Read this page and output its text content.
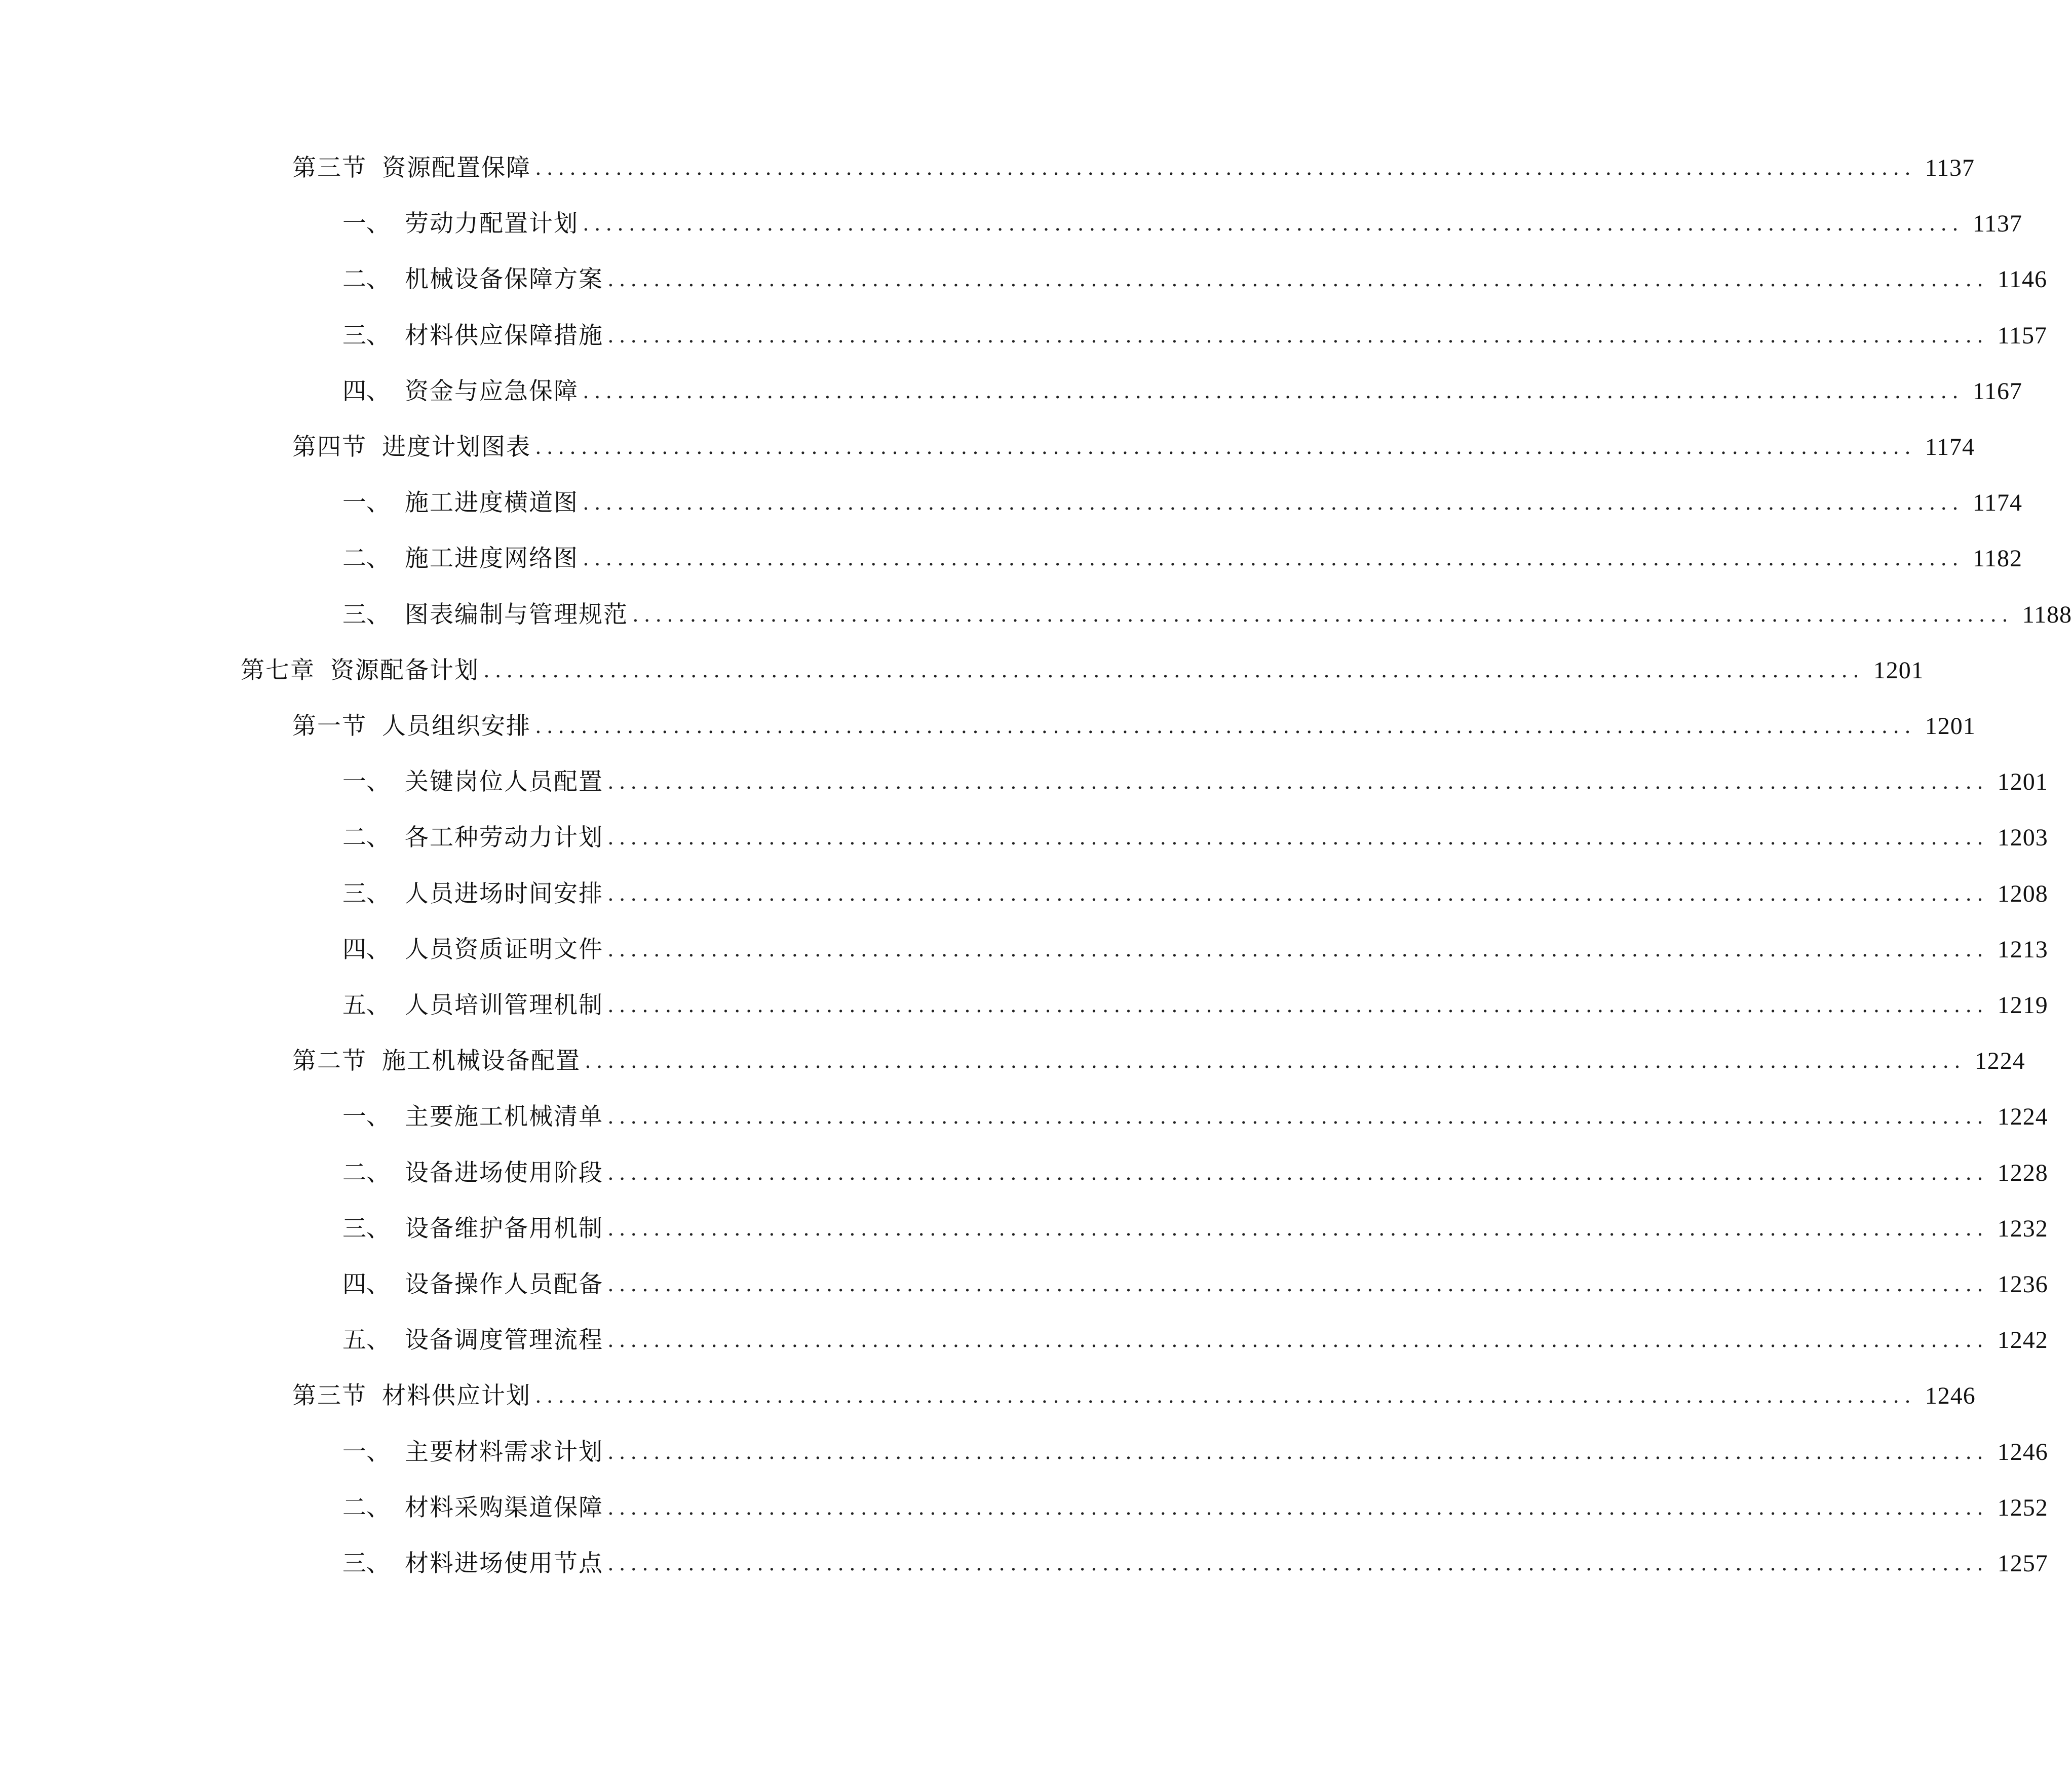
第三节 资源配置保障 ........................................................................................................................ 1137
一、 劳动力配置计划 ........................................................................................................................ 1137
二、 机械设备保障方案 ........................................................................................................................ 1146
三、 材料供应保障措施 ........................................................................................................................ 1157
四、 资金与应急保障 ........................................................................................................................ 1167
第四节 进度计划图表 ........................................................................................................................ 1174
一、 施工进度横道图 ........................................................................................................................ 1174
二、 施工进度网络图 ........................................................................................................................ 1182
三、 图表编制与管理规范 ........................................................................................................................ 1188
第七章 资源配备计划 ........................................................................................................................ 1201
第一节 人员组织安排 ........................................................................................................................ 1201
一、 关键岗位人员配置 ........................................................................................................................ 1201
二、 各工种劳动力计划 ........................................................................................................................ 1203
三、 人员进场时间安排 ........................................................................................................................ 1208
四、 人员资质证明文件 ........................................................................................................................ 1213
五、 人员培训管理机制 ........................................................................................................................ 1219
第二节 施工机械设备配置 ........................................................................................................................ 1224
一、 主要施工机械清单 ........................................................................................................................ 1224
二、 设备进场使用阶段 ........................................................................................................................ 1228
三、 设备维护备用机制 ........................................................................................................................ 1232
四、 设备操作人员配备 ........................................................................................................................ 1236
五、 设备调度管理流程 ........................................................................................................................ 1242
第三节 材料供应计划 ........................................................................................................................ 1246
一、 主要材料需求计划 ........................................................................................................................ 1246
二、 材料采购渠道保障 ........................................................................................................................ 1252
三、 材料进场使用节点 ........................................................................................................................ 1257
